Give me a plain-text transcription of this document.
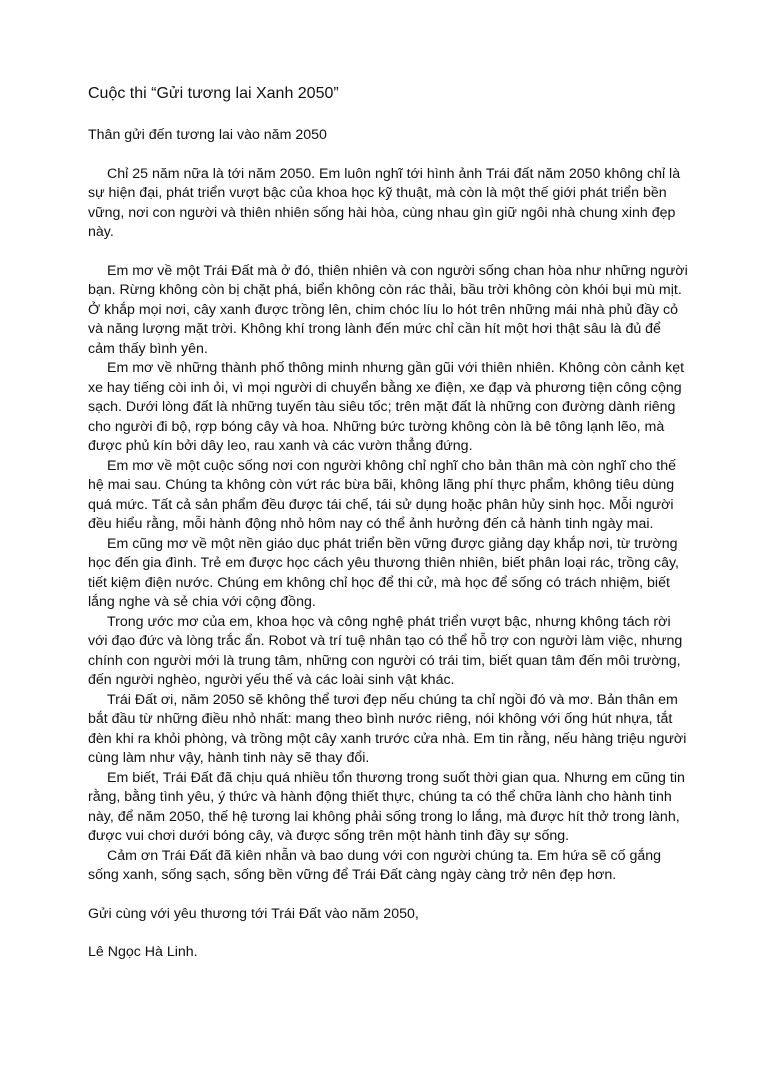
Cuộc thi “Gửi tương lai Xanh 2050”

Thân gửi đến tương lai vào năm 2050

Chỉ 25 năm nữa là tới năm 2050. Em luôn nghĩ tới hình ảnh Trái đất năm 2050 không chỉ là sự hiện đại, phát triển vượt bậc của khoa học kỹ thuật, mà còn là một thế giới phát triển bền vững, nơi con người và thiên nhiên sống hài hòa, cùng nhau gìn giữ ngôi nhà chung xinh đẹp này.

Em mơ về một Trái Đất mà ở đó, thiên nhiên và con người sống chan hòa như những người bạn. Rừng không còn bị chặt phá, biển không còn rác thải, bầu trời không còn khói bụi mù mịt. Ở khắp mọi nơi, cây xanh được trồng lên, chim chóc líu lo hót trên những mái nhà phủ đầy cỏ và năng lượng mặt trời. Không khí trong lành đến mức chỉ cần hít một hơi thật sâu là đủ để cảm thấy bình yên.

Em mơ về những thành phố thông minh nhưng gần gũi với thiên nhiên. Không còn cảnh kẹt xe hay tiếng còi inh ỏi, vì mọi người di chuyển bằng xe điện, xe đạp và phương tiện công cộng sạch. Dưới lòng đất là những tuyến tàu siêu tốc; trên mặt đất là những con đường dành riêng cho người đi bộ, rợp bóng cây và hoa. Những bức tường không còn là bê tông lạnh lẽo, mà được phủ kín bởi dây leo, rau xanh và các vườn thẳng đứng.

Em mơ về một cuộc sống nơi con người không chỉ nghĩ cho bản thân mà còn nghĩ cho thế hệ mai sau. Chúng ta không còn vứt rác bừa bãi, không lãng phí thực phẩm, không tiêu dùng quá mức. Tất cả sản phẩm đều được tái chế, tái sử dụng hoặc phân hủy sinh học. Mỗi người đều hiểu rằng, mỗi hành động nhỏ hôm nay có thể ảnh hưởng đến cả hành tinh ngày mai.

Em cũng mơ về một nền giáo dục phát triển bền vững được giảng dạy khắp nơi, từ trường học đến gia đình. Trẻ em được học cách yêu thương thiên nhiên, biết phân loại rác, trồng cây, tiết kiệm điện nước. Chúng em không chỉ học để thi cử, mà học để sống có trách nhiệm, biết lắng nghe và sẻ chia với cộng đồng.

Trong ước mơ của em, khoa học và công nghệ phát triển vượt bậc, nhưng không tách rời với đạo đức và lòng trắc ẩn. Robot và trí tuệ nhân tạo có thể hỗ trợ con người làm việc, nhưng chính con người mới là trung tâm, những con người có trái tim, biết quan tâm đến môi trường, đến người nghèo, người yếu thế và các loài sinh vật khác.

Trái Đất ơi, năm 2050 sẽ không thể tươi đẹp nếu chúng ta chỉ ngồi đó và mơ. Bản thân em bắt đầu từ những điều nhỏ nhất: mang theo bình nước riêng, nói không với ống hút nhựa, tắt đèn khi ra khỏi phòng, và trồng một cây xanh trước cửa nhà. Em tin rằng, nếu hàng triệu người cùng làm như vậy, hành tinh này sẽ thay đổi.

Em biết, Trái Đất đã chịu quá nhiều tổn thương trong suốt thời gian qua. Nhưng em cũng tin rằng, bằng tình yêu, ý thức và hành động thiết thực, chúng ta có thể chữa lành cho hành tinh này, để năm 2050, thế hệ tương lai không phải sống trong lo lắng, mà được hít thở trong lành, được vui chơi dưới bóng cây, và được sống trên một hành tinh đầy sự sống.

Cảm ơn Trái Đất đã kiên nhẫn và bao dung với con người chúng ta. Em hứa sẽ cố gắng sống xanh, sống sạch, sống bền vững để Trái Đất càng ngày càng trở nên đẹp hơn.

Gửi cùng với yêu thương tới Trái Đất vào năm 2050,

Lê Ngọc Hà Linh.
